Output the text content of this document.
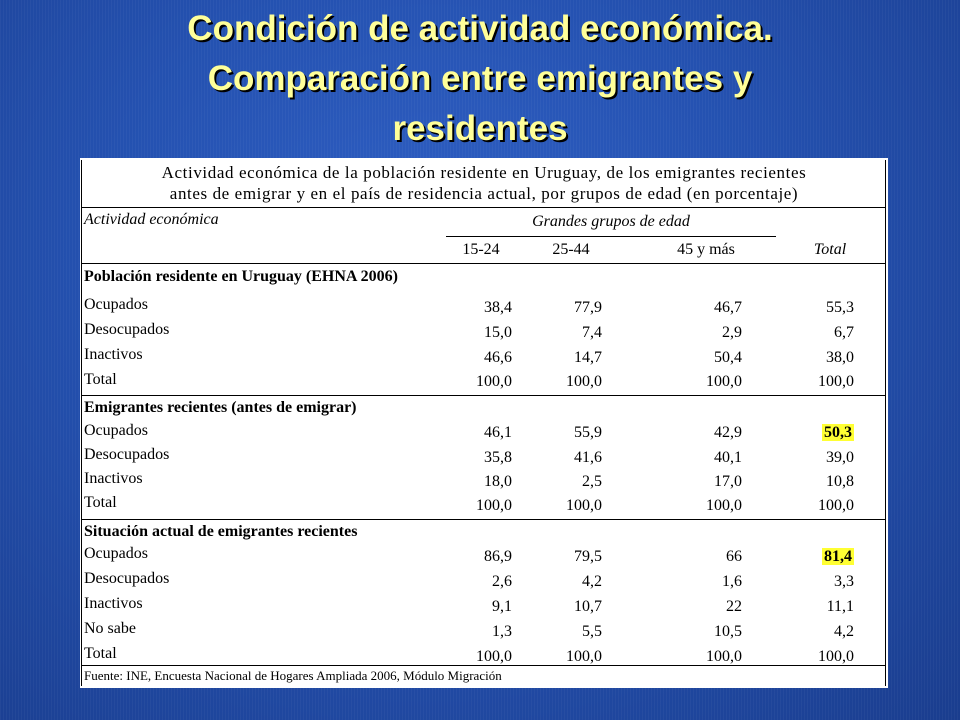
Condición de actividad económica.
Comparación entre emigrantes y
residentes
Actividad económica de la población residente en Uruguay, de los emigrantes recientes
antes de emigrar y en el país de residencia actual, por grupos de edad (en porcentaje)
Actividad económica	Grandes grupos de edad
15-24	25-44	45 y más	Total
Población residente en Uruguay (EHNA 2006)
Ocupados	38,4	77,9	46,7	55,3
Desocupados	15,0	7,4	2,9	6,7
Inactivos	46,6	14,7	50,4	38,0
Total	100,0	100,0	100,0	100,0
Emigrantes recientes (antes de emigrar)
Ocupados	46,1	55,9	42,9	50,3
Desocupados	35,8	41,6	40,1	39,0
Inactivos	18,0	2,5	17,0	10,8
Total	100,0	100,0	100,0	100,0
Situación actual de emigrantes recientes
Ocupados	86,9	79,5	66	81,4
Desocupados	2,6	4,2	1,6	3,3
Inactivos	9,1	10,7	22	11,1
No sabe	1,3	5,5	10,5	4,2
Total	100,0	100,0	100,0	100,0
Fuente: INE, Encuesta Nacional de Hogares Ampliada 2006, Módulo Migración
